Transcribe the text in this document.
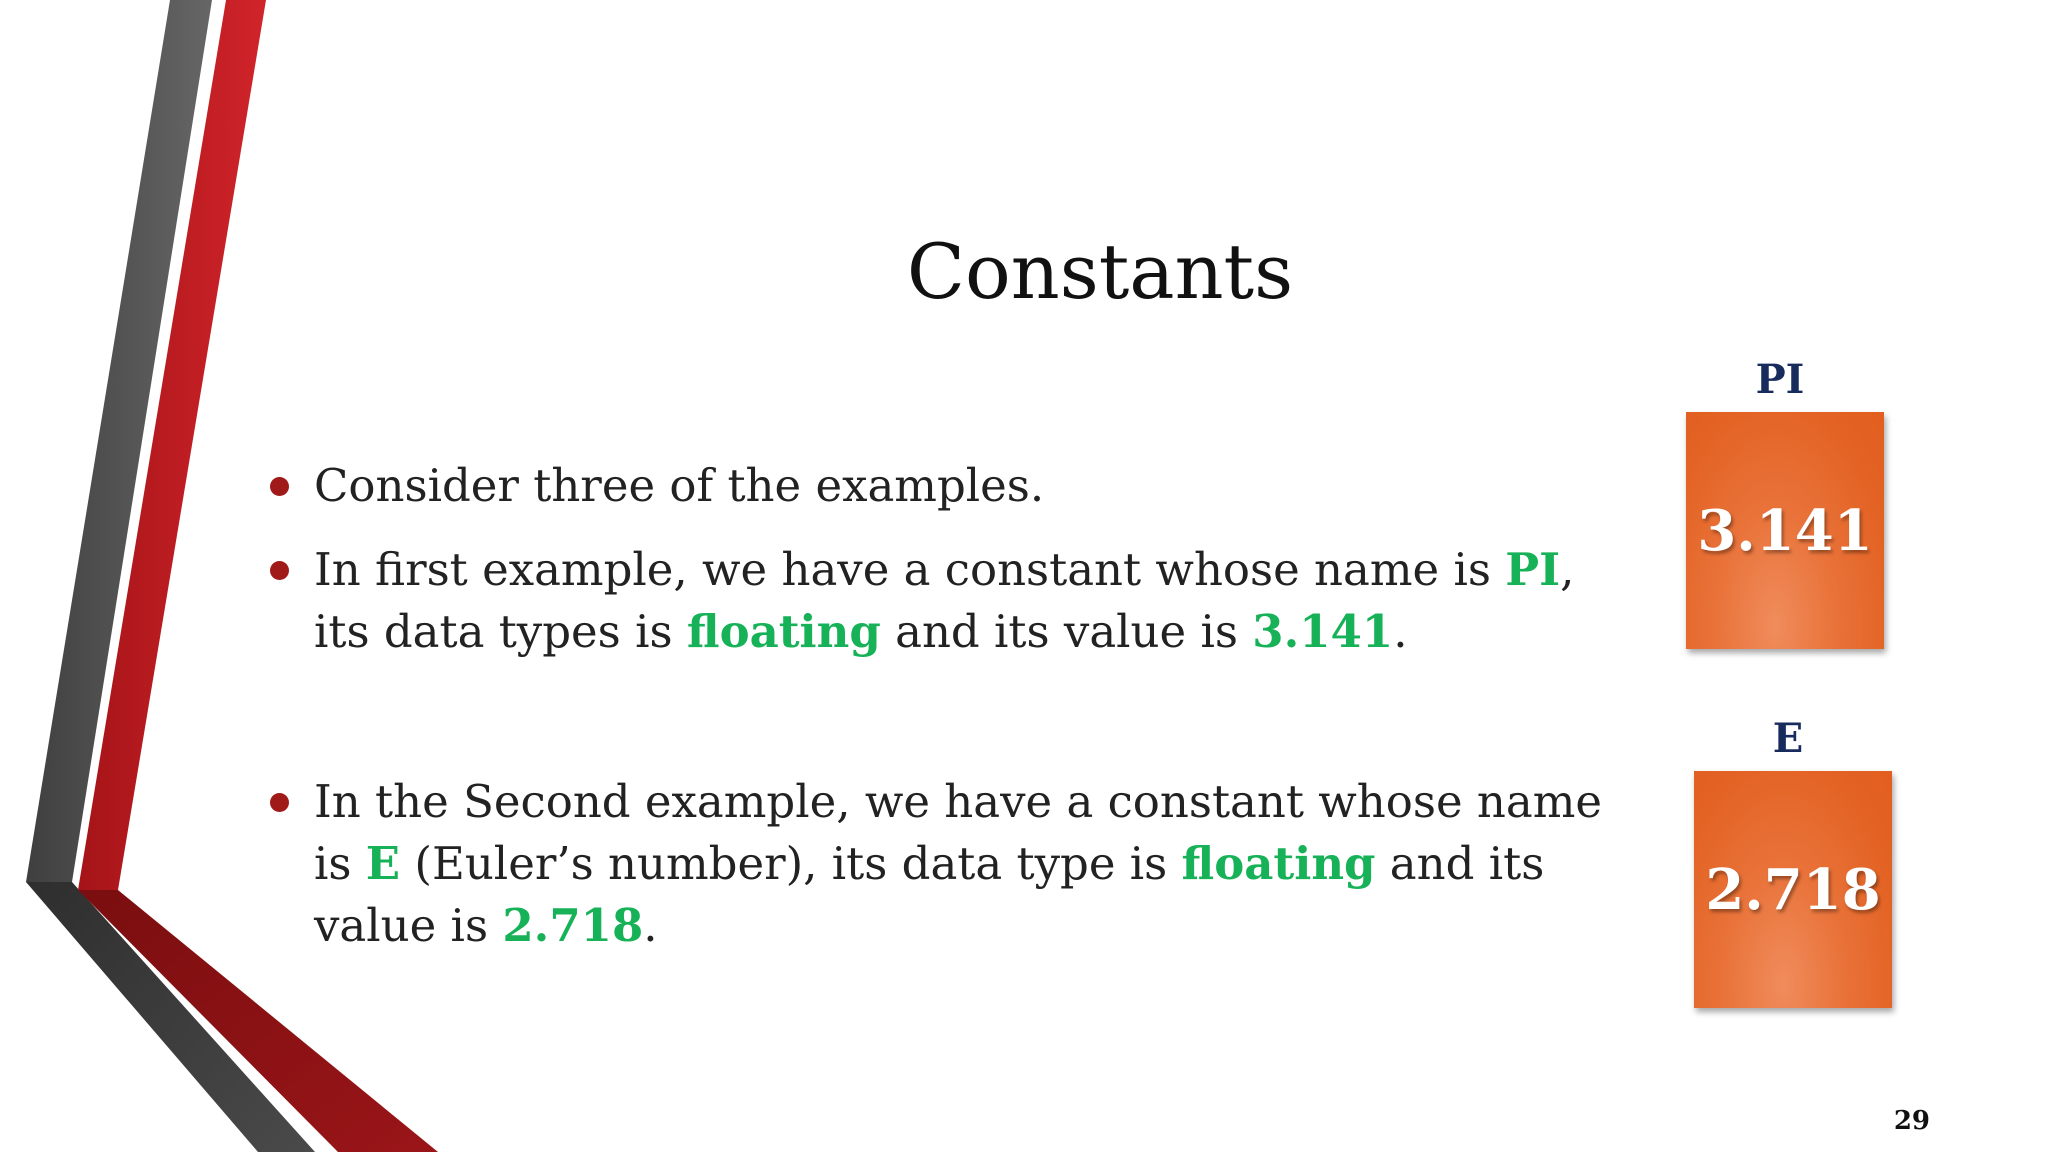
Constants
Consider three of the examples.
In first example, we have a constant whose name is PI, its data types is floating and its value is 3.141.
In the Second example, we have a constant whose name is E (Euler’s number), its data type is floating and its value is 2.718.
PI
3.141
E
2.718
29
